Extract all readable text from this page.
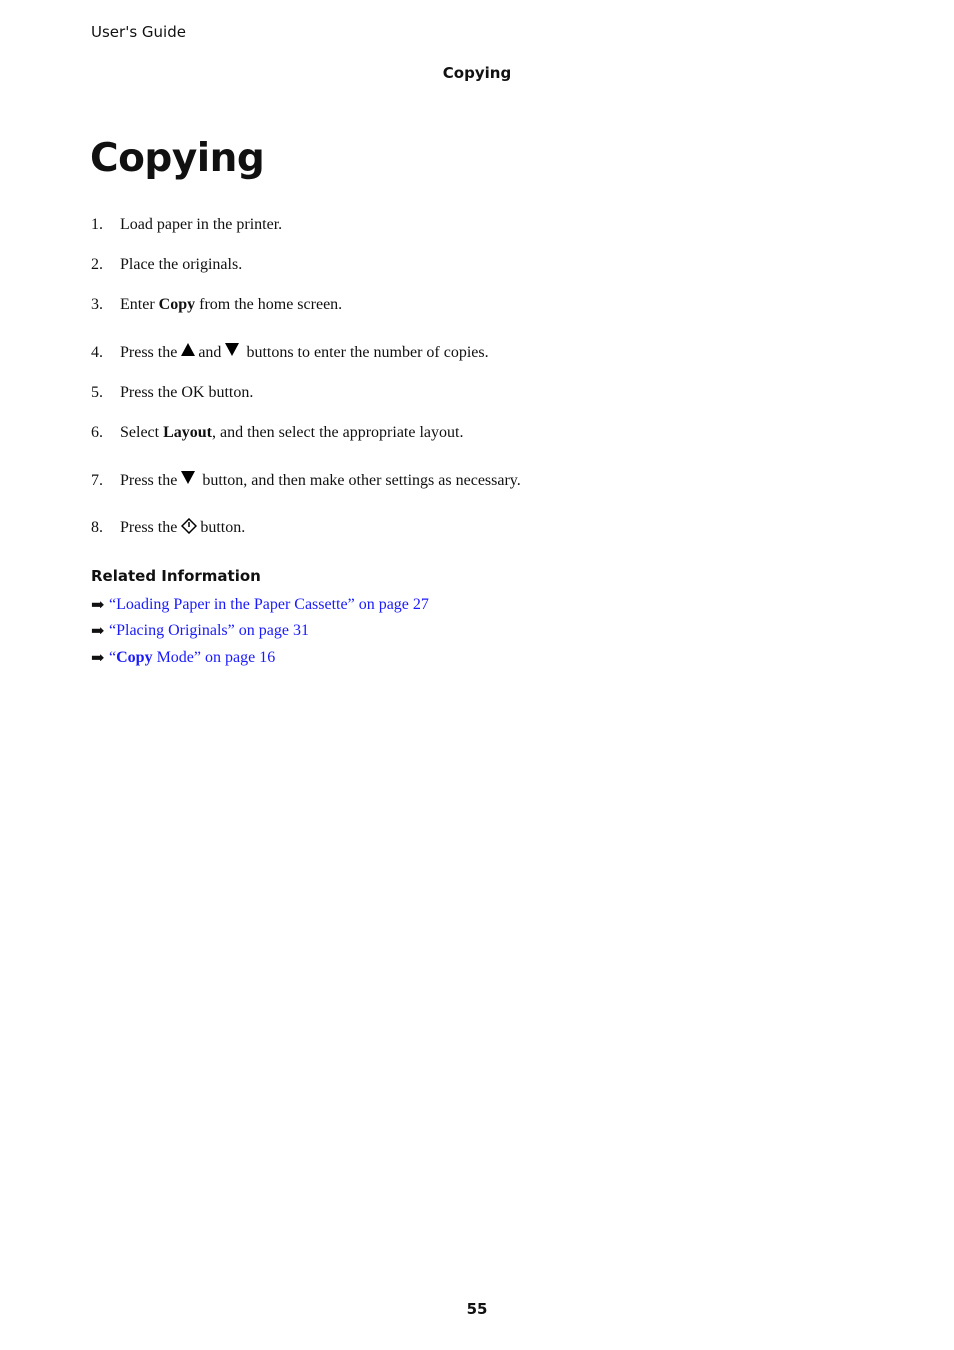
User's Guide
Copying
Copying
1. Load paper in the printer.
2. Place the originals.
3. Enter Copy from the home screen.
4. Press the and buttons to enter the number of copies.
5. Press the OK button.
6. Select Layout, and then select the appropriate layout.
7. Press the button, and then make other settings as necessary.
8. Press the button.
Related Information
➡ “Loading Paper in the Paper Cassette” on page 27
➡ “Placing Originals” on page 31
➡ “Copy Mode” on page 16
55
